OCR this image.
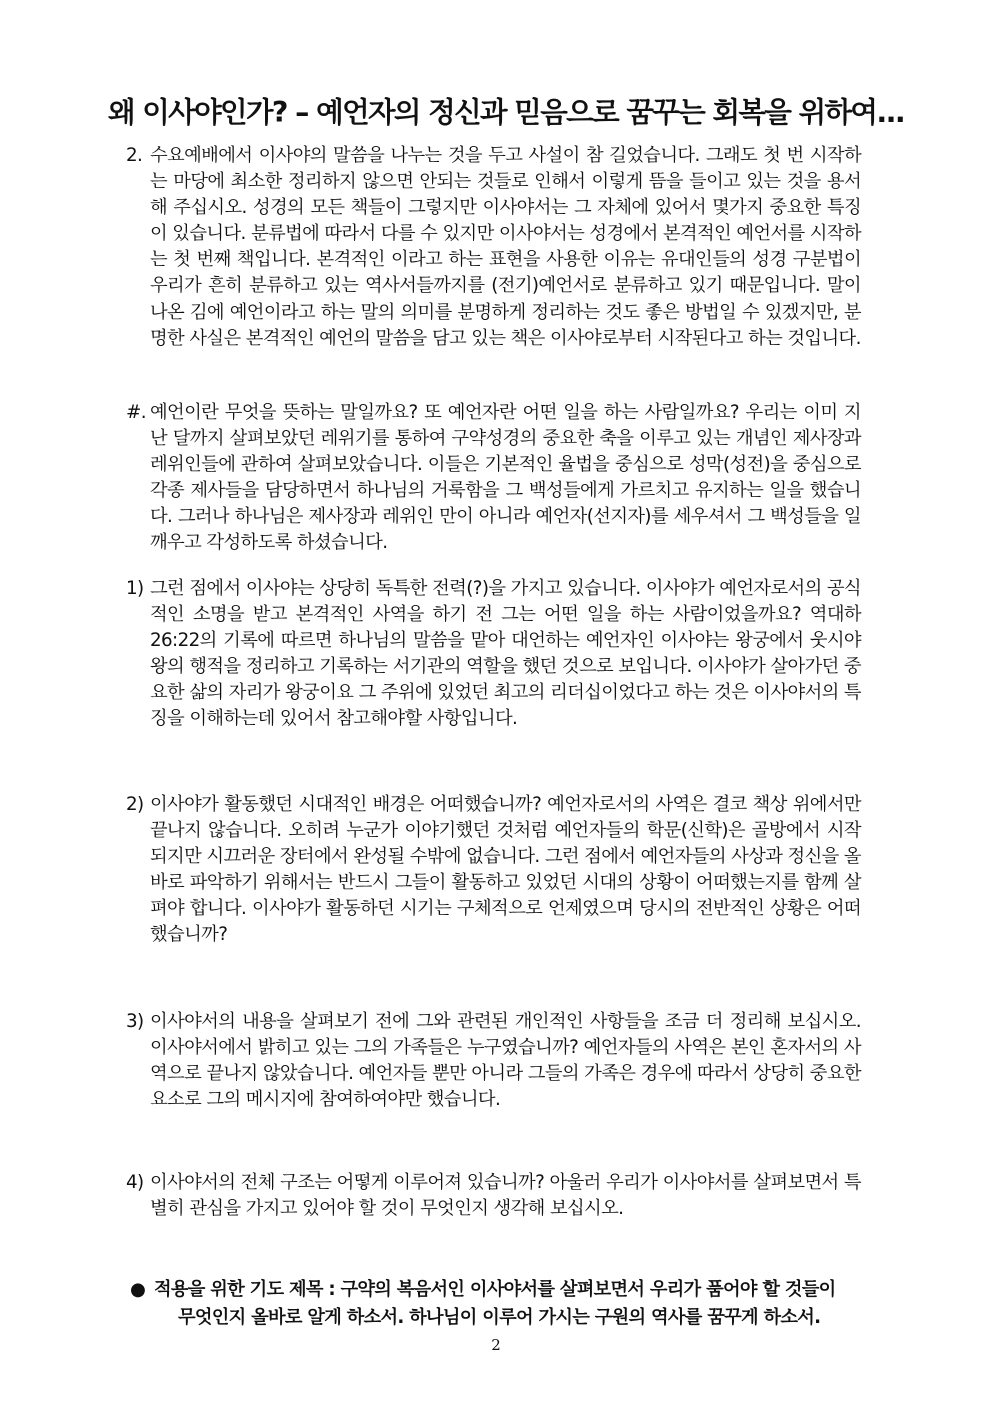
왜 이사야인가? – 예언자의 정신과 믿음으로 꿈꾸는 회복을 위하여...
2. 수요예배에서 이사야의 말씀을 나누는 것을 두고 사설이 참 길었습니다. 그래도 첫 번 시작하는 마당에 최소한 정리하지 않으면 안되는 것들로 인해서 이렇게 뜸을 들이고 있는 것을 용서해 주십시오. 성경의 모든 책들이 그렇지만 이사야서는 그 자체에 있어서 몇가지 중요한 특징이 있습니다. 분류법에 따라서 다를 수 있지만 이사야서는 성경에서 본격적인 예언서를 시작하는 첫 번째 책입니다. 본격적인 이라고 하는 표현을 사용한 이유는 유대인들의 성경 구분법이 우리가 흔히 분류하고 있는 역사서들까지를 (전기)예언서로 분류하고 있기 때문입니다. 말이 나온 김에 예언이라고 하는 말의 의미를 분명하게 정리하는 것도 좋은 방법일 수 있겠지만, 분명한 사실은 본격적인 예언의 말씀을 담고 있는 책은 이사야로부터 시작된다고 하는 것입니다.
#. 예언이란 무엇을 뜻하는 말일까요? 또 예언자란 어떤 일을 하는 사람일까요? 우리는 이미 지난 달까지 살펴보았던 레위기를 통하여 구약성경의 중요한 축을 이루고 있는 개념인 제사장과 레위인들에 관하여 살펴보았습니다. 이들은 기본적인 율법을 중심으로 성막(성전)을 중심으로 각종 제사들을 담당하면서 하나님의 거룩함을 그 백성들에게 가르치고 유지하는 일을 했습니다. 그러나 하나님은 제사장과 레위인 만이 아니라 예언자(선지자)를 세우셔서 그 백성들을 일깨우고 각성하도록 하셨습니다.
1) 그런 점에서 이사야는 상당히 독특한 전력(?)을 가지고 있습니다. 이사야가 예언자로서의 공식적인 소명을 받고 본격적인 사역을 하기 전 그는 어떤 일을 하는 사람이었을까요? 역대하 26:22의 기록에 따르면 하나님의 말씀을 맡아 대언하는 예언자인 이사야는 왕궁에서 웃시야 왕의 행적을 정리하고 기록하는 서기관의 역할을 했던 것으로 보입니다. 이사야가 살아가던 중요한 삶의 자리가 왕궁이요 그 주위에 있었던 최고의 리더십이었다고 하는 것은 이사야서의 특징을 이해하는데 있어서 참고해야할 사항입니다.
2) 이사야가 활동했던 시대적인 배경은 어떠했습니까? 예언자로서의 사역은 결코 책상 위에서만 끝나지 않습니다. 오히려 누군가 이야기했던 것처럼 예언자들의 학문(신학)은 골방에서 시작되지만 시끄러운 장터에서 완성될 수밖에 없습니다. 그런 점에서 예언자들의 사상과 정신을 올바로 파악하기 위해서는 반드시 그들이 활동하고 있었던 시대의 상황이 어떠했는지를 함께 살펴야 합니다. 이사야가 활동하던 시기는 구체적으로 언제였으며 당시의 전반적인 상황은 어떠했습니까?
3) 이사야서의 내용을 살펴보기 전에 그와 관련된 개인적인 사항들을 조금 더 정리해 보십시오. 이사야서에서 밝히고 있는 그의 가족들은 누구였습니까? 예언자들의 사역은 본인 혼자서의 사역으로 끝나지 않았습니다. 예언자들 뿐만 아니라 그들의 가족은 경우에 따라서 상당히 중요한 요소로 그의 메시지에 참여하여야만 했습니다.
4) 이사야서의 전체 구조는 어떻게 이루어져 있습니까? 아울러 우리가 이사야서를 살펴보면서 특별히 관심을 가지고 있어야 할 것이 무엇인지 생각해 보십시오.
● 적용을 위한 기도 제목 : 구약의 복음서인 이사야서를 살펴보면서 우리가 품어야 할 것들이
무엇인지 올바로 알게 하소서. 하나님이 이루어 가시는 구원의 역사를 꿈꾸게 하소서.
2
